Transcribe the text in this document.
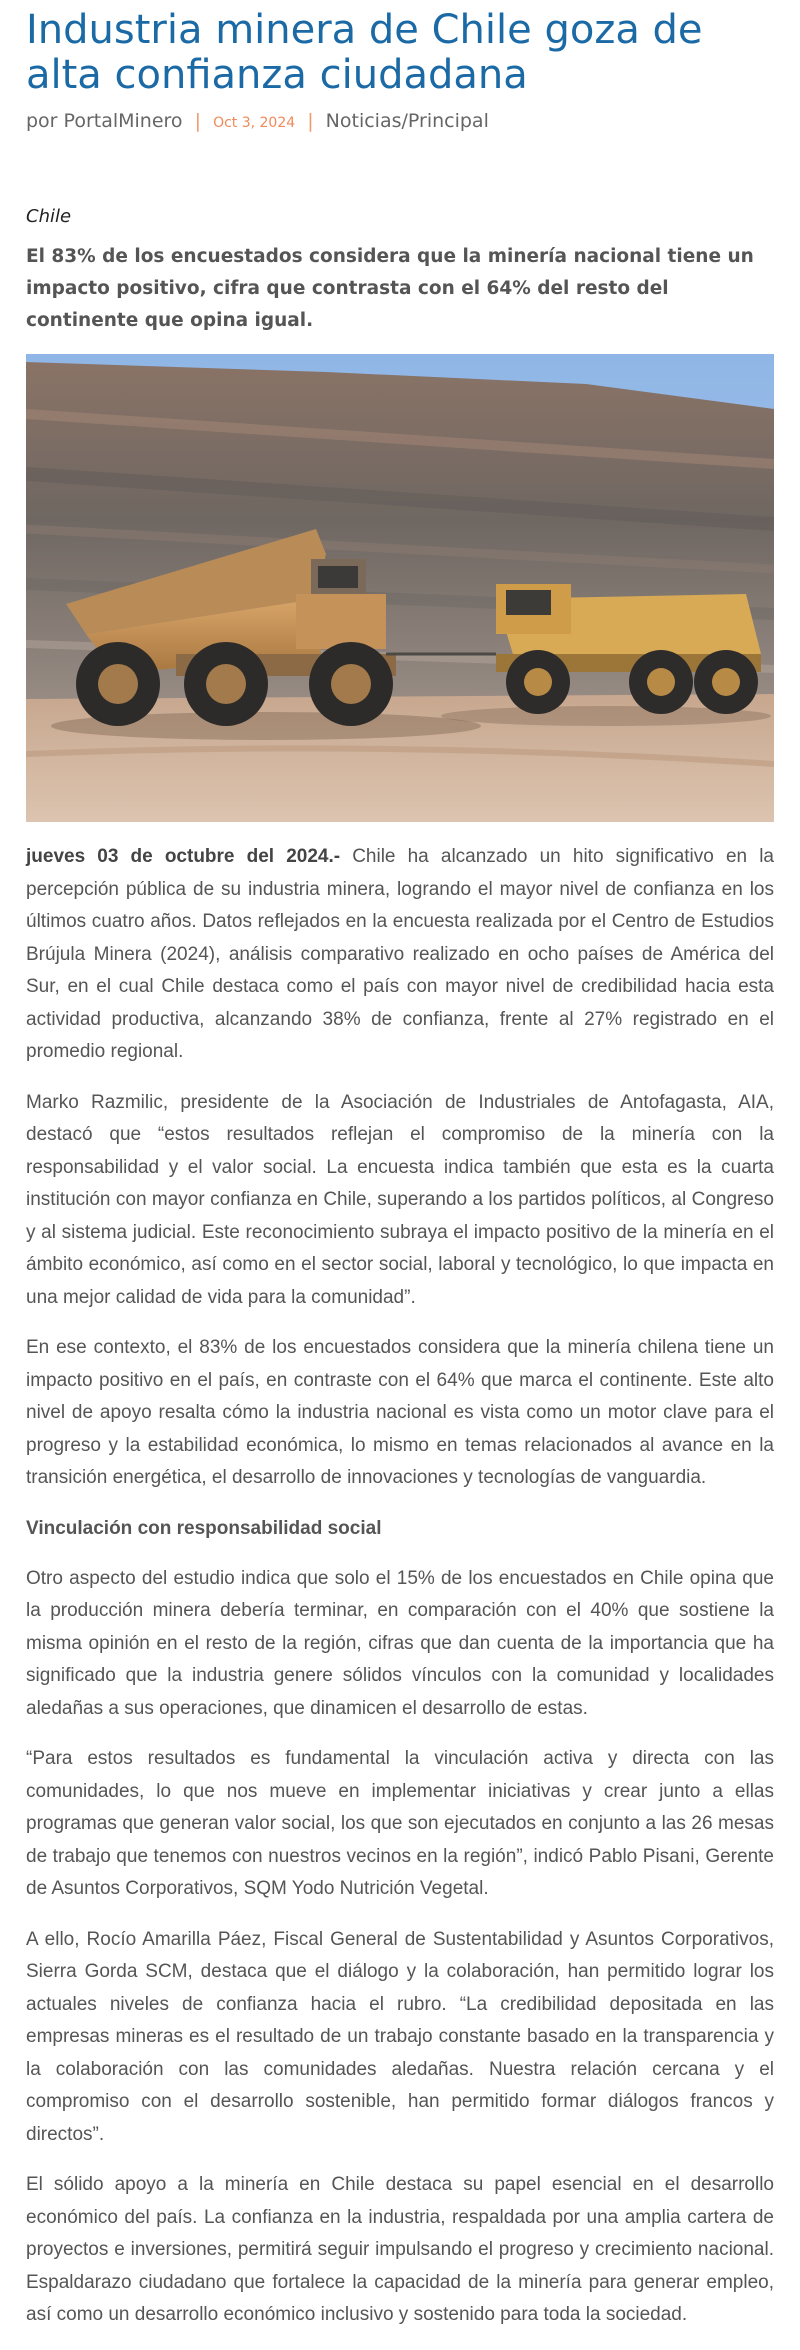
Industria minera de Chile goza de alta confianza ciudadana
por PortalMinero | Oct 3, 2024 | Noticias/Principal
Chile
El 83% de los encuestados considera que la minería nacional tiene un impacto positivo, cifra que contrasta con el 64% del resto del continente que opina igual.

jueves 03 de octubre del 2024.- Chile ha alcanzado un hito significativo en la percepción pública de su industria minera, logrando el mayor nivel de confianza en los últimos cuatro años. Datos reflejados en la encuesta realizada por el Centro de Estudios Brújula Minera (2024), análisis comparativo realizado en ocho países de América del Sur, en el cual Chile destaca como el país con mayor nivel de credibilidad hacia esta actividad productiva, alcanzando 38% de confianza, frente al 27% registrado en el promedio regional.

Marko Razmilic, presidente de la Asociación de Industriales de Antofagasta, AIA, destacó que “estos resultados reflejan el compromiso de la minería con la responsabilidad y el valor social. La encuesta indica también que esta es la cuarta institución con mayor confianza en Chile, superando a los partidos políticos, al Congreso y al sistema judicial. Este reconocimiento subraya el impacto positivo de la minería en el ámbito económico, así como en el sector social, laboral y tecnológico, lo que impacta en una mejor calidad de vida para la comunidad”.

En ese contexto, el 83% de los encuestados considera que la minería chilena tiene un impacto positivo en el país, en contraste con el 64% que marca el continente. Este alto nivel de apoyo resalta cómo la industria nacional es vista como un motor clave para el progreso y la estabilidad económica, lo mismo en temas relacionados al avance en la transición energética, el desarrollo de innovaciones y tecnologías de vanguardia.

Vinculación con responsabilidad social

Otro aspecto del estudio indica que solo el 15% de los encuestados en Chile opina que la producción minera debería terminar, en comparación con el 40% que sostiene la misma opinión en el resto de la región, cifras que dan cuenta de la importancia que ha significado que la industria genere sólidos vínculos con la comunidad y localidades aledañas a sus operaciones, que dinamicen el desarrollo de estas.

“Para estos resultados es fundamental la vinculación activa y directa con las comunidades, lo que nos mueve en implementar iniciativas y crear junto a ellas programas que generan valor social, los que son ejecutados en conjunto a las 26 mesas de trabajo que tenemos con nuestros vecinos en la región”, indicó Pablo Pisani, Gerente de Asuntos Corporativos, SQM Yodo Nutrición Vegetal.

A ello, Rocío Amarilla Páez, Fiscal General de Sustentabilidad y Asuntos Corporativos, Sierra Gorda SCM, destaca que el diálogo y la colaboración, han permitido lograr los actuales niveles de confianza hacia el rubro. “La credibilidad depositada en las empresas mineras es el resultado de un trabajo constante basado en la transparencia y la colaboración con las comunidades aledañas. Nuestra relación cercana y el compromiso con el desarrollo sostenible, han permitido formar diálogos francos y directos”.

El sólido apoyo a la minería en Chile destaca su papel esencial en el desarrollo económico del país. La confianza en la industria, respaldada por una amplia cartera de proyectos e inversiones, permitirá seguir impulsando el progreso y crecimiento nacional. Espaldarazo ciudadano que fortalece la capacidad de la minería para generar empleo, así como un desarrollo económico inclusivo y sostenido para toda la sociedad.
